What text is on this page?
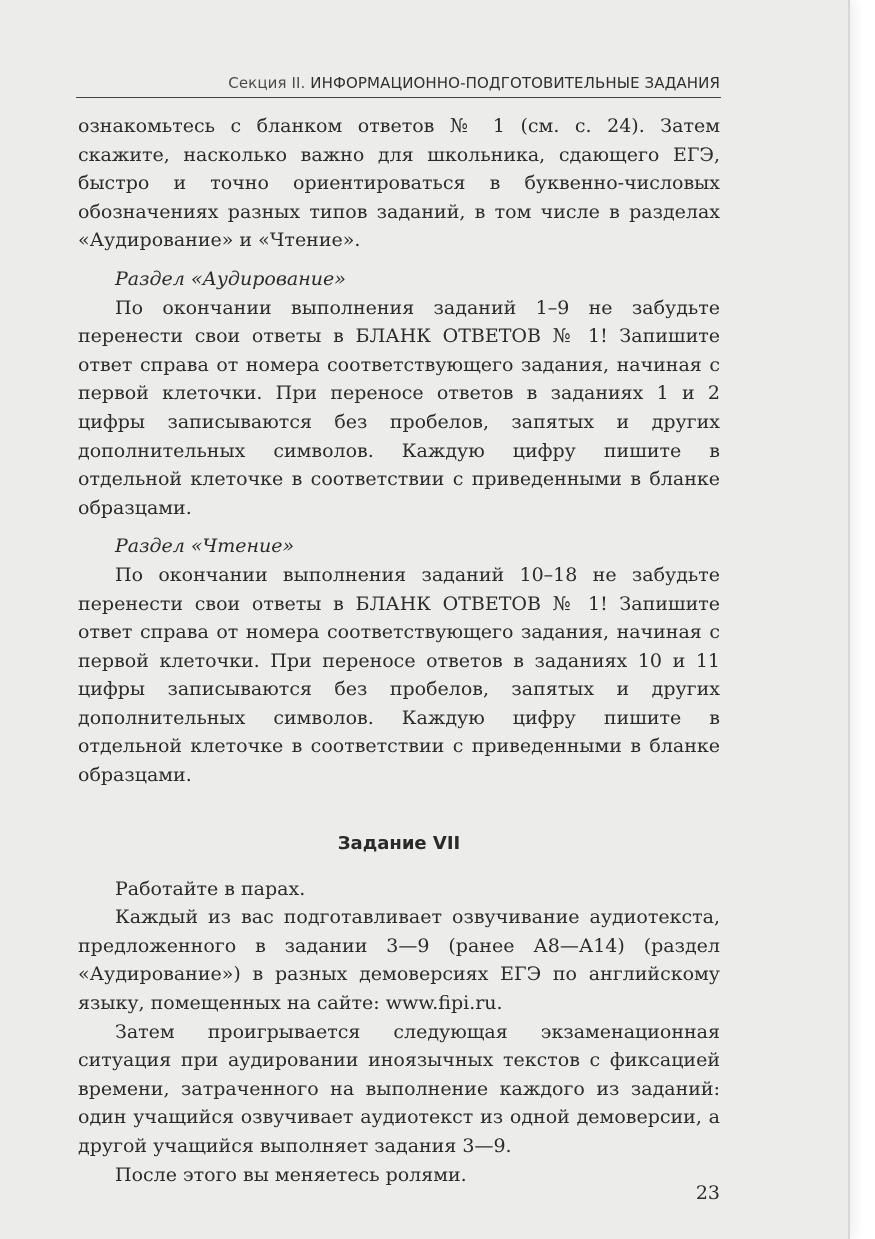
Секция II. ИНФОРМАЦИОННО-ПОДГОТОВИТЕЛЬНЫЕ ЗАДАНИЯ

ознакомьтесь с бланком ответов № 1 (см. с. 24). Затем скажите, насколько важно для школьника, сдающего ЕГЭ, быстро и точно ориентироваться в буквенно-числовых обозначениях разных типов заданий, в том числе в разделах «Аудирование» и «Чтение».

Раздел «Аудирование»

По окончании выполнения заданий 1–9 не забудьте перенести свои ответы в БЛАНК ОТВЕТОВ № 1! Запишите ответ справа от номера соответствующего задания, начиная с первой клеточки. При переносе ответов в заданиях 1 и 2 цифры записываются без пробелов, запятых и других дополнительных символов. Каждую цифру пишите в отдельной клеточке в соответствии с приведенными в бланке образцами.

Раздел «Чтение»

По окончании выполнения заданий 10–18 не забудьте перенести свои ответы в БЛАНК ОТВЕТОВ № 1! Запишите ответ справа от номера соответствующего задания, начиная с первой клеточки. При переносе ответов в заданиях 10 и 11 цифры записываются без пробелов, запятых и других дополнительных символов. Каждую цифру пишите в отдельной клеточке в соответствии с приведенными в бланке образцами.

Задание VII

Работайте в парах.

Каждый из вас подготавливает озвучивание аудиотекста, предложенного в задании 3—9 (ранее А8—А14) (раздел «Аудирование») в разных демоверсиях ЕГЭ по английскому языку, помещенных на сайте: www.fipi.ru.

Затем проигрывается следующая экзаменационная ситуация при аудировании иноязычных текстов с фиксацией времени, затраченного на выполнение каждого из заданий: один учащийся озвучивает аудиотекст из одной демоверсии, а другой учащийся выполняет задания 3—9.

После этого вы меняетесь ролями.

23
